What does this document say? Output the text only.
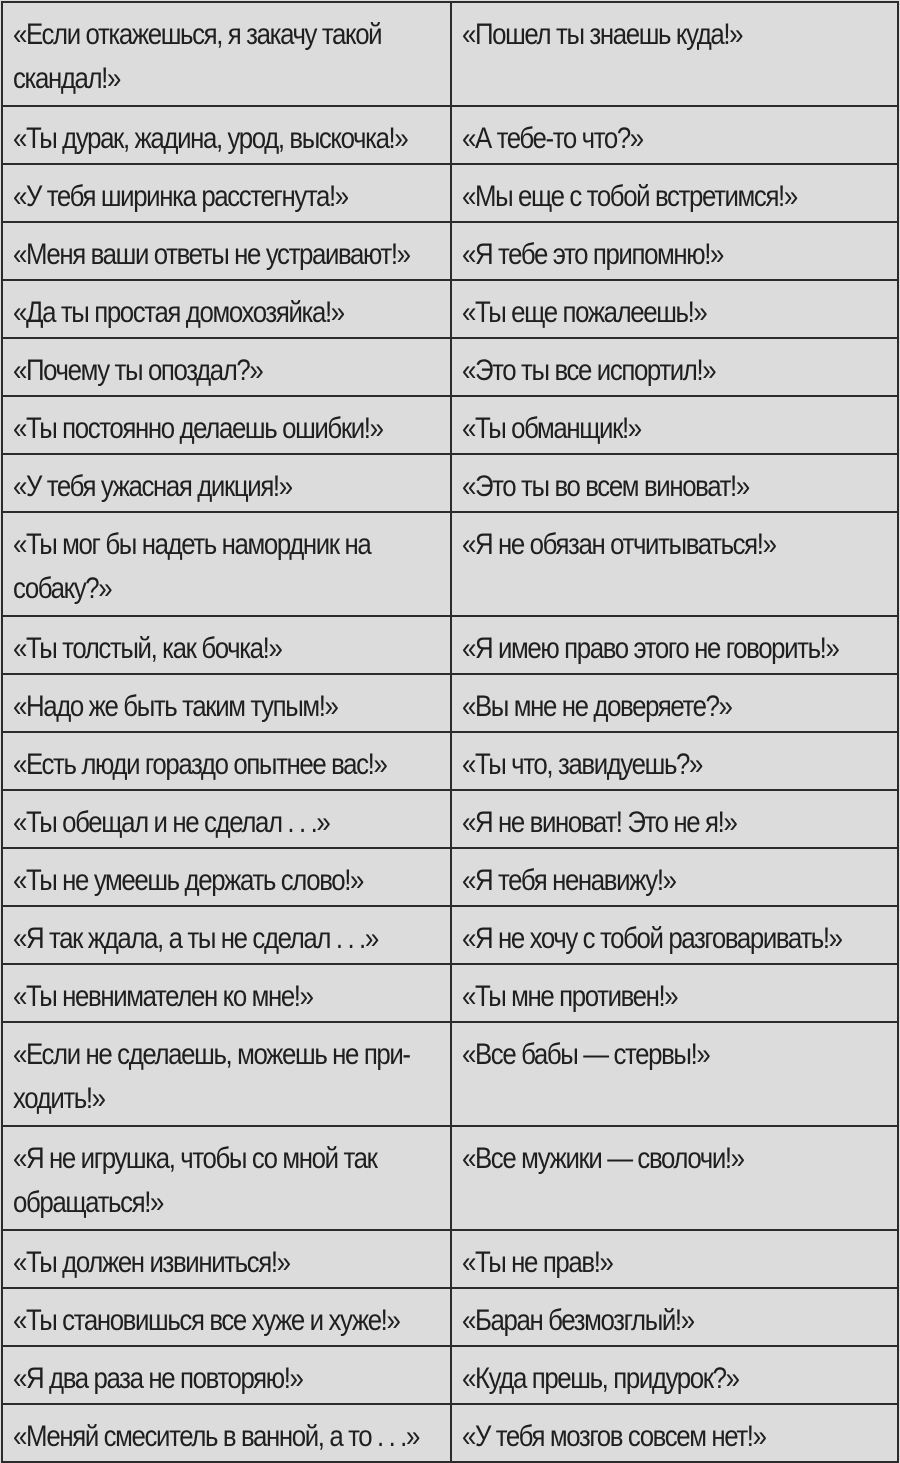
«Если откажешься, я закачу такой скандал!»	«Пошел ты знаешь куда!»
«Ты дурак, жадина, урод, выскочка!»	«А тебе-то что?»
«У тебя ширинка расстегнута!»	«Мы еще с тобой встретимся!»
«Меня ваши ответы не устраивают!»	«Я тебе это припомню!»
«Да ты простая домохозяйка!»	«Ты еще пожалеешь!»
«Почему ты опоздал?»	«Это ты все испортил!»
«Ты постоянно делаешь ошибки!»	«Ты обманщик!»
«У тебя ужасная дикция!»	«Это ты во всем виноват!»
«Ты мог бы надеть намордник на собаку?»	«Я не обязан отчитываться!»
«Ты толстый, как бочка!»	«Я имею право этого не говорить!»
«Надо же быть таким тупым!»	«Вы мне не доверяете?»
«Есть люди гораздо опытнее вас!»	«Ты что, завидуешь?»
«Ты обещал и не сделал . . .»	«Я не виноват! Это не я!»
«Ты не умеешь держать слово!»	«Я тебя ненавижу!»
«Я так ждала, а ты не сделал . . .»	«Я не хочу с тобой разговаривать!»
«Ты невнимателен ко мне!»	«Ты мне противен!»
«Если не сделаешь, можешь не при-ходить!»	«Все бабы — стервы!»
«Я не игрушка, чтобы со мной так обращаться!»	«Все мужики — сволочи!»
«Ты должен извиниться!»	«Ты не прав!»
«Ты становишься все хуже и хуже!»	«Баран безмозглый!»
«Я два раза не повторяю!»	«Куда прешь, придурок?»
«Меняй смеситель в ванной, а то . . .»	«У тебя мозгов совсем нет!»
